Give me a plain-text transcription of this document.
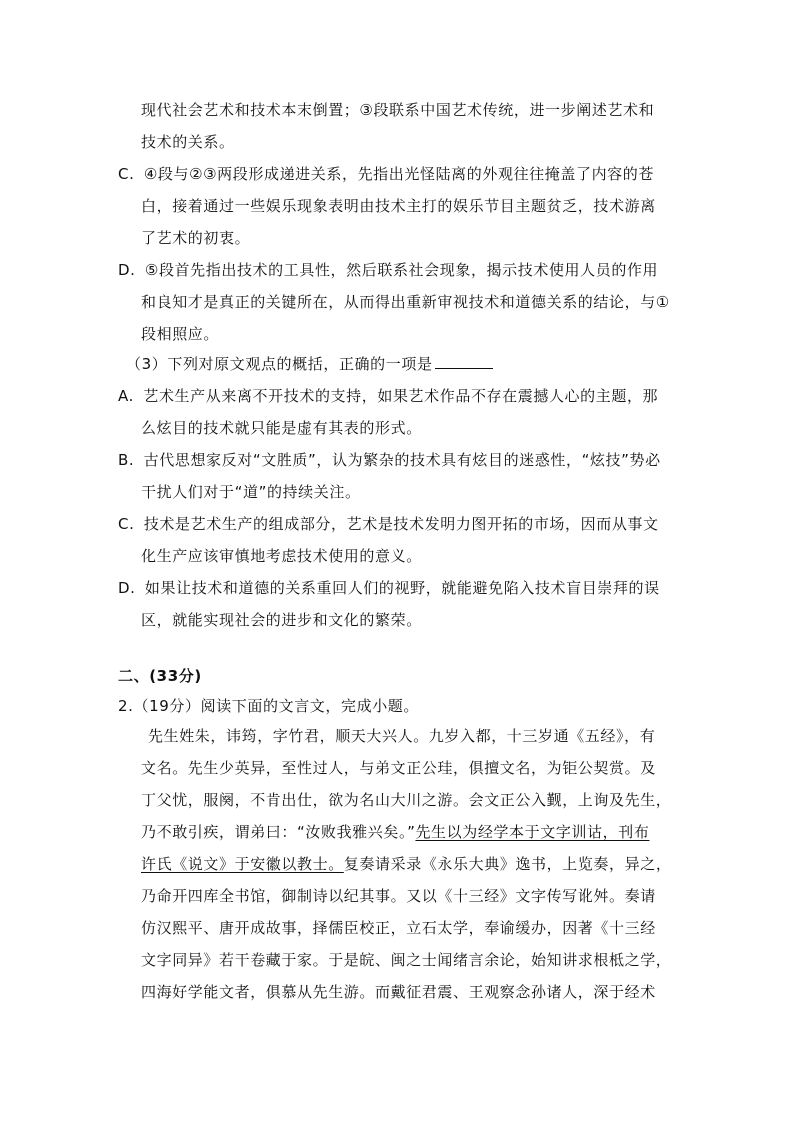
现代社会艺术和技术本末倒置；③段联系中国艺术传统，进一步阐述艺术和
技术的关系。
C. ④段与②③两段形成递进关系，先指出光怪陆离的外观往往掩盖了内容的苍
白，接着通过一些娱乐现象表明由技术主打的娱乐节目主题贫乏，技术游离
了艺术的初衷。
D. ⑤段首先指出技术的工具性，然后联系社会现象，揭示技术使用人员的作用
和良知才是真正的关键所在，从而得出重新审视技术和道德关系的结论，与①
段相照应。
（3）下列对原文观点的概括，正确的一项是
A. 艺术生产从来离不开技术的支持，如果艺术作品不存在震撼人心的主题，那
么炫目的技术就只能是虚有其表的形式。
B. 古代思想家反对“文胜质”，认为繁杂的技术具有炫目的迷惑性，“炫技”势必
干扰人们对于“道”的持续关注。
C. 技术是艺术生产的组成部分，艺术是技术发明力图开拓的市场，因而从事文
化生产应该审慎地考虑技术使用的意义。
D. 如果让技术和道德的关系重回人们的视野，就能避免陷入技术盲目崇拜的误
区，就能实现社会的进步和文化的繁荣。
二、(33分)
2.（19分）阅读下面的文言文，完成小题。
先生姓朱，讳筠，字竹君，顺天大兴人。九岁入都，十三岁通《五经》，有
文名。先生少英异，至性过人，与弟文正公珪，俱擅文名，为钜公契赏。及
丁父忧，服阕，不肯出仕，欲为名山大川之游。会文正公入觐，上询及先生，
乃不敢引疾，谓弟曰：“汝败我雅兴矣。”先生以为经学本于文字训诂，刊布
许氏《说文》于安徽以教士。复奏请采录《永乐大典》逸书，上览奏，异之，
乃命开四库全书馆，御制诗以纪其事。又以《十三经》文字传写讹舛。奏请
仿汉熙平、唐开成故事，择儒臣校正，立石太学，奉谕缓办，因著《十三经
文字同异》若干卷藏于家。于是皖、闽之士闻绪言余论，始知讲求根柢之学，
四海好学能文者，俱慕从先生游。而戴征君震、王观察念孙诸人，深于经术
